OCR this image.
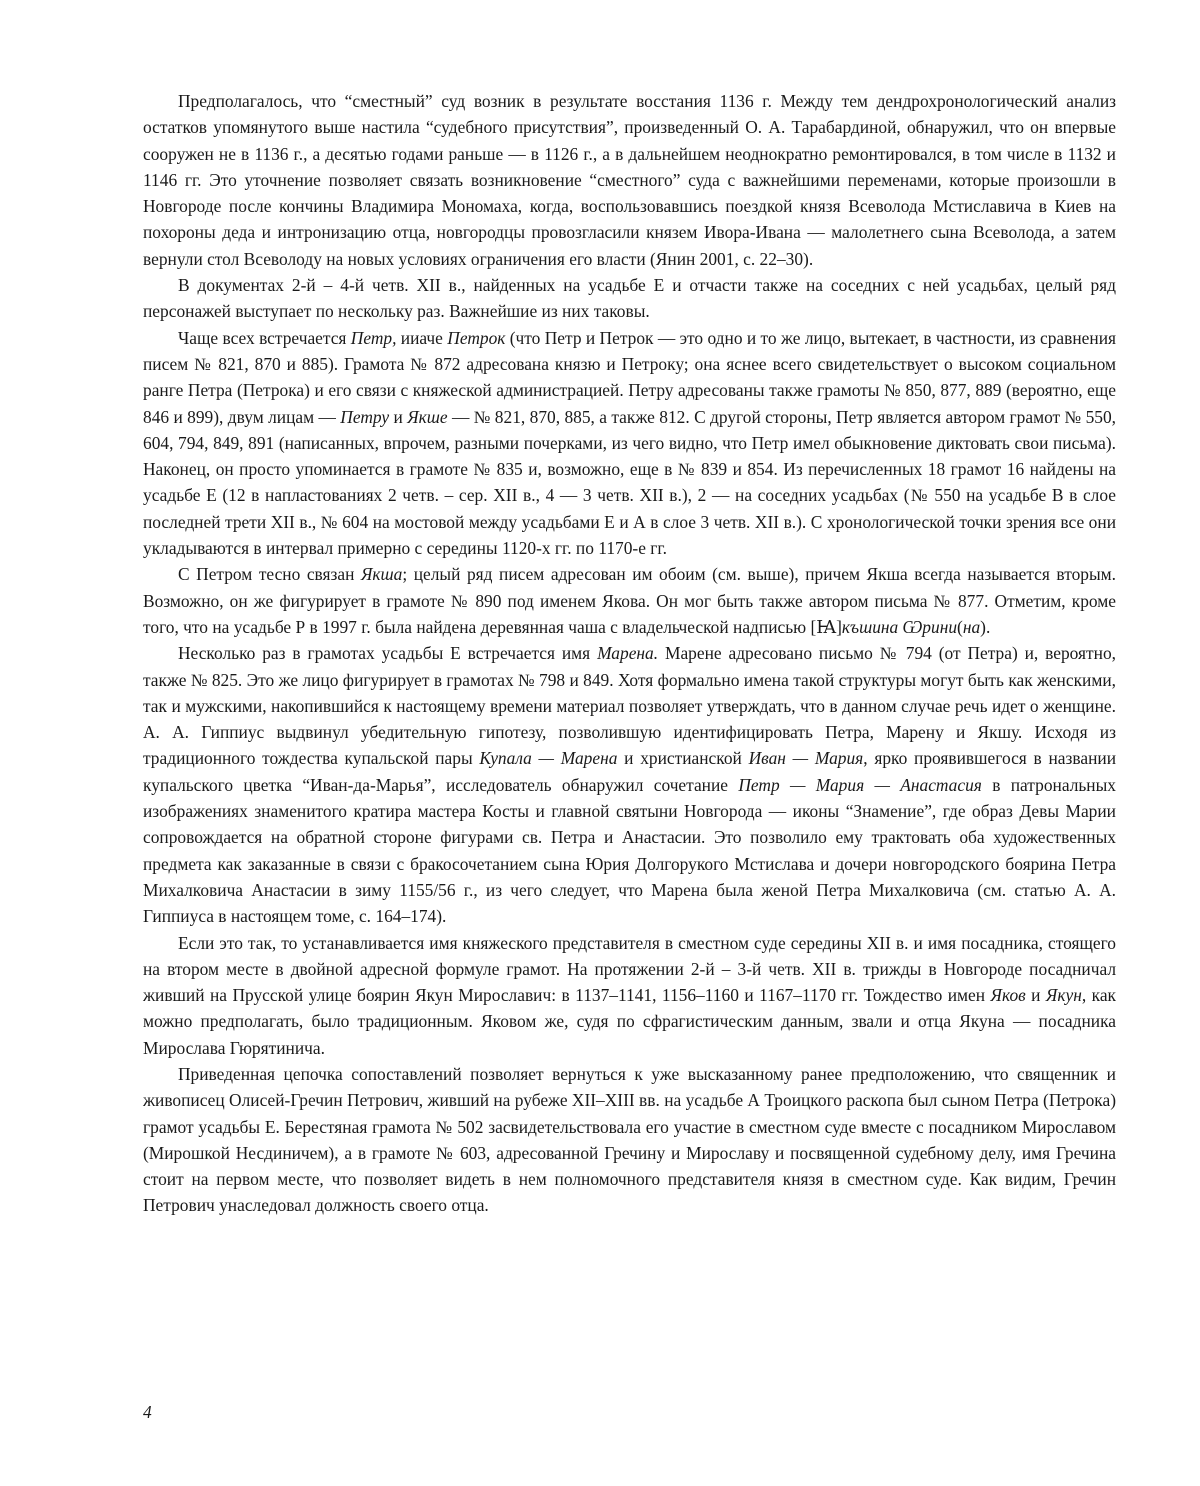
Предполагалось, что “сместный” суд возник в результате восстания 1136 г. Между тем дендрохронологический анализ остатков упомянутого выше настила “судебного присутствия”, произведенный О. А. Тарабардиной, обнаружил, что он впервые сооружен не в 1136 г., а десятью годами раньше — в 1126 г., а в дальнейшем неоднократно ремонтировался, в том числе в 1132 и 1146 гг. Это уточнение позволяет связать возникновение “сместного” суда с важнейшими переменами, которые произошли в Новгороде после кончины Владимира Мономаха, когда, воспользовавшись поездкой князя Всеволода Мстиславича в Киев на похороны деда и интронизацию отца, новгородцы провозгласили князем Ивора-Ивана — малолетнего сына Всеволода, а затем вернули стол Всеволоду на новых условиях ограничения его власти (Янин 2001, с. 22–30).

В документах 2-й – 4-й четв. XII в., найденных на усадьбе Е и отчасти также на соседних с ней усадьбах, целый ряд персонажей выступает по нескольку раз. Важнейшие из них таковы.

Чаще всех встречается Петр, ииаче Петрок (что Петр и Петрок — это одно и то же лицо, вытекает, в частности, из сравнения писем № 821, 870 и 885). Грамота № 872 адресована князю и Петроку; она яснее всего свидетельствует о высоком социальном ранге Петра (Петрока) и его связи с княжеской администрацией. Петру адресованы также грамоты № 850, 877, 889 (вероятно, еще 846 и 899), двум лицам — Петру и Якше — № 821, 870, 885, а также 812. С другой стороны, Петр является автором грамот № 550, 604, 794, 849, 891 (написанных, впрочем, разными почерками, из чего видно, что Петр имел обыкновение диктовать свои письма). Наконец, он просто упоминается в грамоте № 835 и, возможно, еще в № 839 и 854. Из перечисленных 18 грамот 16 найдены на усадьбе Е (12 в напластованиях 2 четв. – сер. XII в., 4 — 3 четв. XII в.), 2 — на соседних усадьбах (№ 550 на усадьбе В в слое последней трети XII в., № 604 на мостовой между усадьбами Е и А в слое 3 четв. XII в.). С хронологической точки зрения все они укладываются в интервал примерно с середины 1120-х гг. по 1170-е гг.

С Петром тесно связан Якша; целый ряд писем адресован им обоим (см. выше), причем Якша всегда называется вторым. Возможно, он же фигурирует в грамоте № 890 под именем Якова. Он мог быть также автором письма № 877. Отметим, кроме того, что на усадьбе Р в 1997 г. была найдена деревянная чаша с владельческой надписью [Ꙗ]къшина Ѡрини(на).

Несколько раз в грамотах усадьбы Е встречается имя Марена. Марене адресовано письмо № 794 (от Петра) и, вероятно, также № 825. Это же лицо фигурирует в грамотах № 798 и 849. Хотя формально имена такой структуры могут быть как женскими, так и мужскими, накопившийся к настоящему времени материал позволяет утверждать, что в данном случае речь идет о женщине. А. А. Гиппиус выдвинул убедительную гипотезу, позволившую идентифицировать Петра, Марену и Якшу. Исходя из традиционного тождества купальской пары Купала — Марена и христианской Иван — Мария, ярко проявившегося в названии купальского цветка “Иван-да-Марья”, исследователь обнаружил сочетание Петр — Мария — Анастасия в патрональных изображениях знаменитого кратира мастера Косты и главной святыни Новгорода — иконы “Знамение”, где образ Девы Марии сопровождается на обратной стороне фигурами св. Петра и Анастасии. Это позволило ему трактовать оба художественных предмета как заказанные в связи с бракосочетанием сына Юрия Долгорукого Мстислава и дочери новгородского боярина Петра Михалковича Анастасии в зиму 1155/56 г., из чего следует, что Марена была женой Петра Михалковича (см. статью А. А. Гиппиуса в настоящем томе, с. 164–174).

Если это так, то устанавливается имя княжеского представителя в сместном суде середины XII в. и имя посадника, стоящего на втором месте в двойной адресной формуле грамот. На протяжении 2-й – 3-й четв. XII в. трижды в Новгороде посадничал живший на Прусской улице боярин Якун Мирославич: в 1137–1141, 1156–1160 и 1167–1170 гг. Тождество имен Яков и Якун, как можно предполагать, было традиционным. Яковом же, судя по сфрагистическим данным, звали и отца Якуна — посадника Мирослава Гюрятинича.

Приведенная цепочка сопоставлений позволяет вернуться к уже высказанному ранее предположению, что священник и живописец Олисей-Гречин Петрович, живший на рубеже XII–XIII вв. на усадьбе А Троицкого раскопа был сыном Петра (Петрока) грамот усадьбы Е. Берестяная грамота № 502 засвидетельствовала его участие в сместном суде вместе с посадником Мирославом (Мирошкой Несдиничем), а в грамоте № 603, адресованной Гречину и Мирославу и посвященной судебному делу, имя Гречина стоит на первом месте, что позволяет видеть в нем полномочного представителя князя в сместном суде. Как видим, Гречин Петрович унаследовал должность своего отца.

4
